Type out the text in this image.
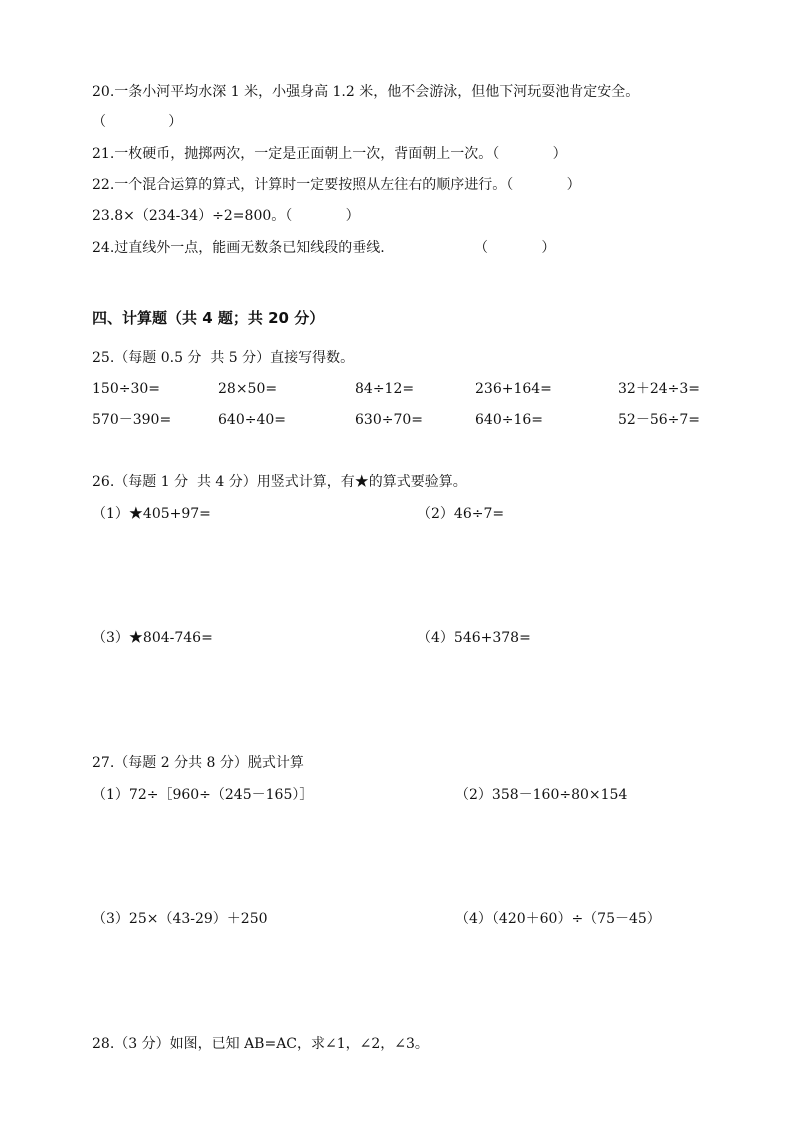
20.一条小河平均水深 1 米，小强身高 1.2 米，他不会游泳，但他下河玩耍池肯定安全。
（              ）
21.一枚硬币，抛掷两次，一定是正面朝上一次，背面朝上一次。（            ）
22.一个混合运算的算式，计算时一定要按照从左往右的顺序进行。（            ）
23.8×（234-34）÷2=800。（            ）
24.过直线外一点，能画无数条已知线段的垂线.	（            ）
四、计算题（共 4 题；共 20 分）
25.（每题 0.5 分  共 5 分）直接写得数。
150÷30=	28×50=	84÷12=	236+164=	32＋24÷3=
570－390=	640÷40=	630÷70=	640÷16=	52－56÷7=
26.（每题 1 分  共 4 分）用竖式计算，有★的算式要验算。
（1）★405+97=	（2）46÷7=
（3）★804-746=	（4）546+378=
27.（每题 2 分共 8 分）脱式计算
（1）72÷［960÷（245－165）］	（2）358－160÷80×154
（3）25×（43-29）＋250	（4）（420＋60）÷（75－45）
28.（3 分）如图，已知 AB=AC，求∠1，∠2，∠3。
